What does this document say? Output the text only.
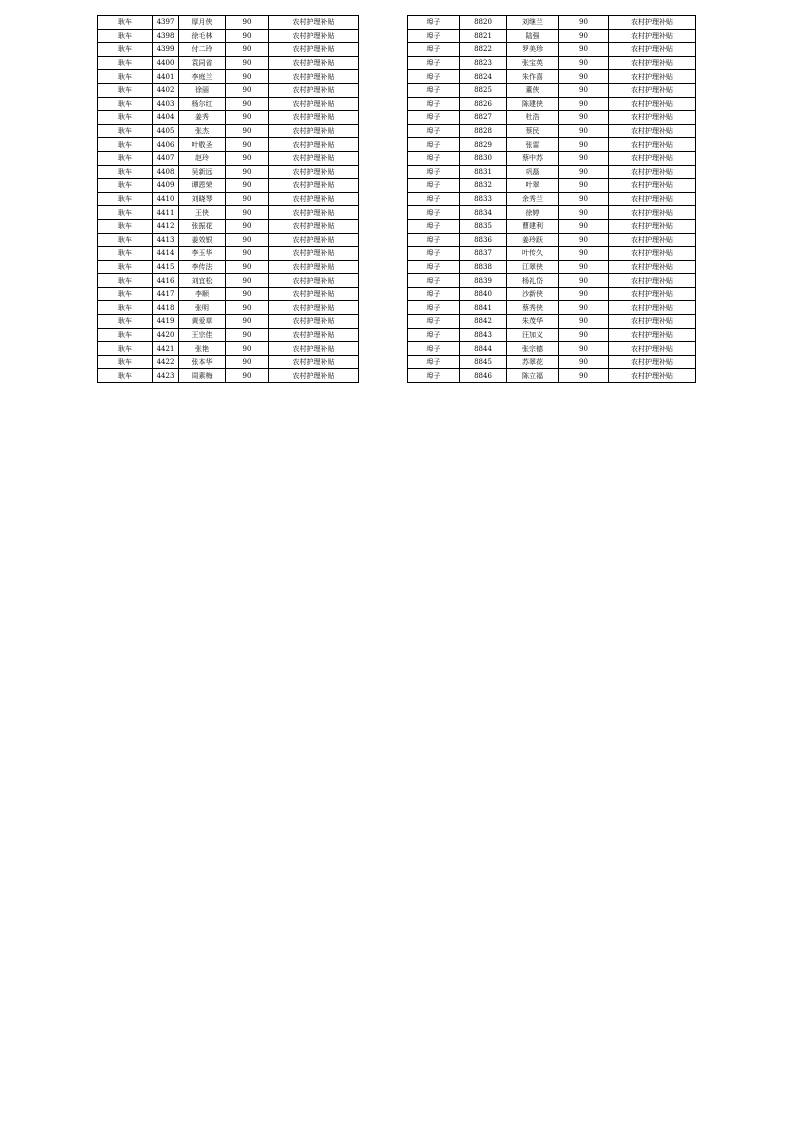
耿车	4397	厚月侠	90	农村护理补贴
耿车	4398	徐毛林	90	农村护理补贴
耿车	4399	付二玲	90	农村护理补贴
耿车	4400	袁同省	90	农村护理补贴
耿车	4401	李庭兰	90	农村护理补贴
耿车	4402	徐丽	90	农村护理补贴
耿车	4403	杨尔红	90	农村护理补贴
耿车	4404	姜秀	90	农村护理补贴
耿车	4405	张杰	90	农村护理补贴
耿车	4406	叶敬圣	90	农村护理补贴
耿车	4407	赵玲	90	农村护理补贴
耿车	4408	吴新远	90	农村护理补贴
耿车	4409	谭恩荣	90	农村护理补贴
耿车	4410	刘晓琴	90	农村护理补贴
耿车	4411	王侠	90	农村护理补贴
耿车	4412	张振花	90	农村护理补贴
耿车	4413	姜效银	90	农村护理补贴
耿车	4414	李玉华	90	农村护理补贴
耿车	4415	李传法	90	农村护理补贴
耿车	4416	刘宜松	90	农村护理补贴
耿车	4417	李顺	90	农村护理补贴
耿车	4418	张明	90	农村护理补贴
耿车	4419	黄爱草	90	农村护理补贴
耿车	4420	王宗佳	90	农村护理补贴
耿车	4421	张艳	90	农村护理补贴
耿车	4422	张本华	90	农村护理补贴
耿车	4423	周素梅	90	农村护理补贴
埠子	8820	刘继兰	90	农村护理补贴
埠子	8821	陆强	90	农村护理补贴
埠子	8822	罗美珍	90	农村护理补贴
埠子	8823	张宝英	90	农村护理补贴
埠子	8824	朱作喜	90	农村护理补贴
埠子	8825	董侠	90	农村护理补贴
埠子	8826	陈建侠	90	农村护理补贴
埠子	8827	杜浩	90	农村护理补贴
埠子	8828	蔡民	90	农村护理补贴
埠子	8829	张雷	90	农村护理补贴
埠子	8830	蔡中苏	90	农村护理补贴
埠子	8831	巩磊	90	农村护理补贴
埠子	8832	叶翠	90	农村护理补贴
埠子	8833	余秀兰	90	农村护理补贴
埠子	8834	徐婷	90	农村护理补贴
埠子	8835	曹建利	90	农村护理补贴
埠子	8836	姜玲跃	90	农村护理补贴
埠子	8837	叶传久	90	农村护理补贴
埠子	8838	江翠侠	90	农村护理补贴
埠子	8839	杨礼岱	90	农村护理补贴
埠子	8840	沙新侠	90	农村护理补贴
埠子	8841	蔡秀侠	90	农村护理补贴
埠子	8842	朱茂华	90	农村护理补贴
埠子	8843	汪加义	90	农村护理补贴
埠子	8844	张宗德	90	农村护理补贴
埠子	8845	苏翠花	90	农村护理补贴
埠子	8846	陈立福	90	农村护理补贴
